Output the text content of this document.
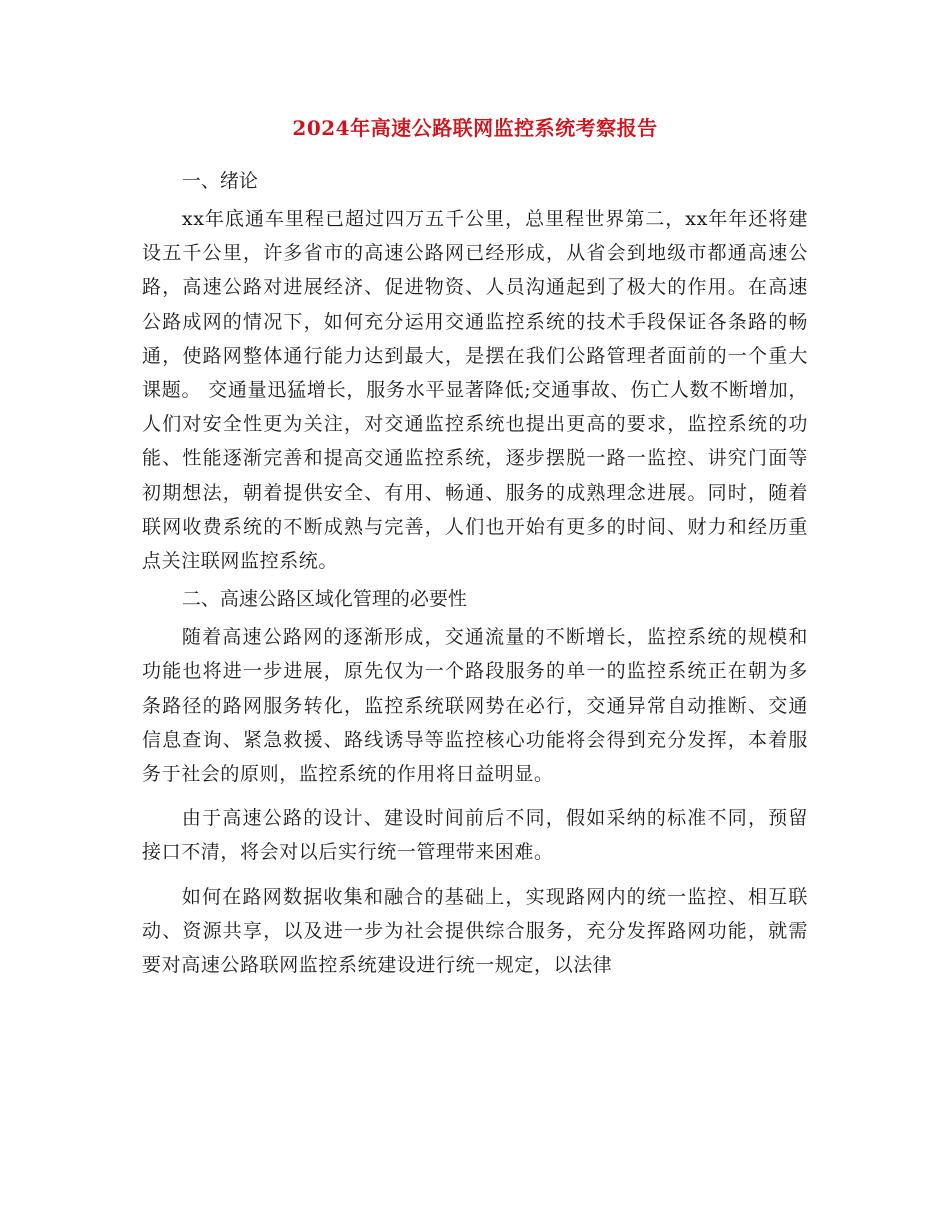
2024年高速公路联网监控系统考察报告

一、绪论

xx年底通车里程已超过四万五千公里，总里程世界第二，xx年年还将建设五千公里，许多省市的高速公路网已经形成，从省会到地级市都通高速公路，高速公路对进展经济、促进物资、人员沟通起到了极大的作用。在高速公路成网的情况下，如何充分运用交通监控系统的技术手段保证各条路的畅通，使路网整体通行能力达到最大，是摆在我们公路管理者面前的一个重大课题。 交通量迅猛增长，服务水平显著降低;交通事故、伤亡人数不断增加，人们对安全性更为关注，对交通监控系统也提出更高的要求，监控系统的功能、性能逐渐完善和提高交通监控系统，逐步摆脱一路一监控、讲究门面等初期想法，朝着提供安全、有用、畅通、服务的成熟理念进展。同时，随着联网收费系统的不断成熟与完善，人们也开始有更多的时间、财力和经历重点关注联网监控系统。

二、高速公路区域化管理的必要性

随着高速公路网的逐渐形成，交通流量的不断增长，监控系统的规模和功能也将进一步进展，原先仅为一个路段服务的单一的监控系统正在朝为多条路径的路网服务转化，监控系统联网势在必行，交通异常自动推断、交通信息查询、紧急救援、路线诱导等监控核心功能将会得到充分发挥，本着服务于社会的原则，监控系统的作用将日益明显。

由于高速公路的设计、建设时间前后不同，假如采纳的标准不同，预留接口不清，将会对以后实行统一管理带来困难。

如何在路网数据收集和融合的基础上，实现路网内的统一监控、相互联动、资源共享，以及进一步为社会提供综合服务，充分发挥路网功能，就需要对高速公路联网监控系统建设进行统一规定，以法律
